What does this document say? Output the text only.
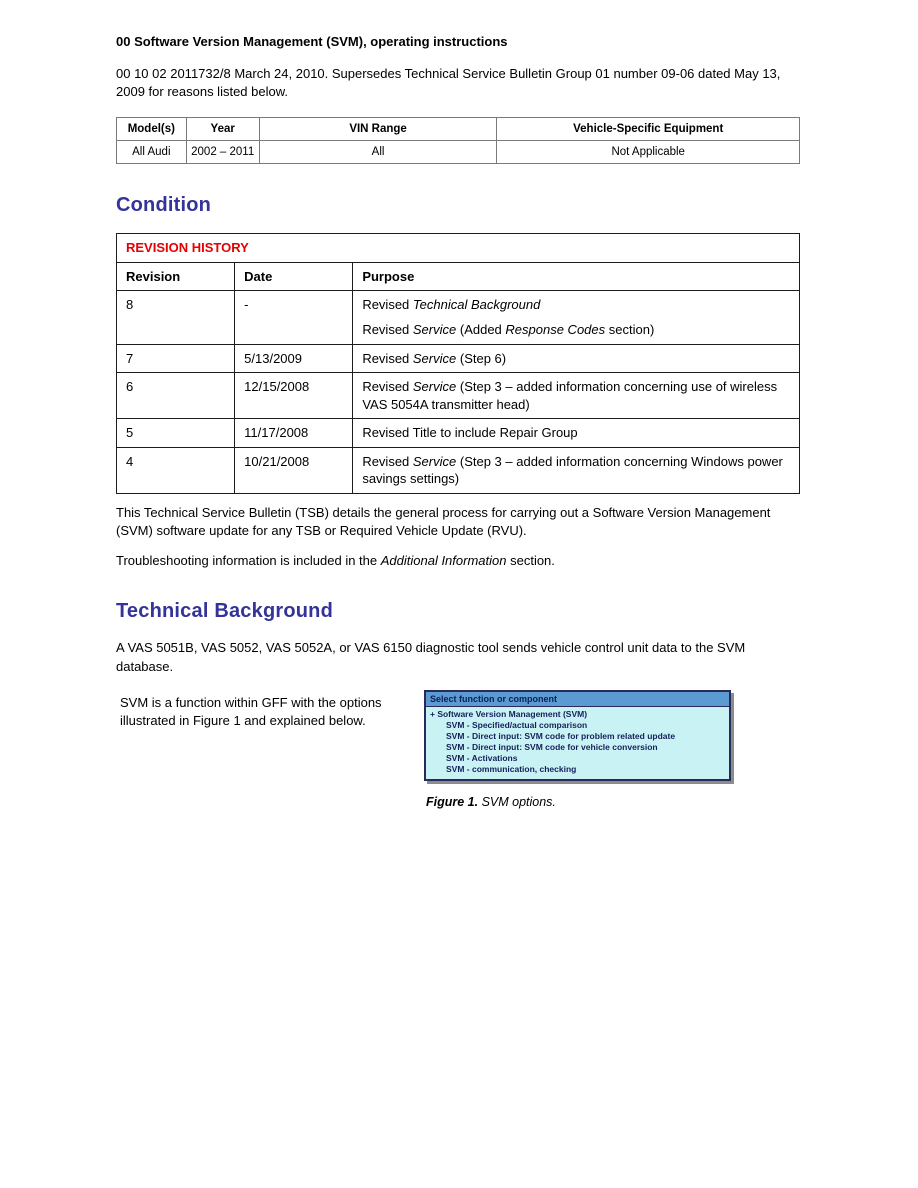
00 Software Version Management (SVM), operating instructions

00 10 02 2011732/8 March 24, 2010. Supersedes Technical Service Bulletin Group 01 number 09-06 dated May 13, 2009 for reasons listed below.

Model(s)	Year	VIN Range	Vehicle-Specific Equipment
All Audi	2002 – 2011	All	Not Applicable
Condition
REVISION HISTORY		
Revision	Date	Purpose
8	-	Revised Technical Background
Revised Service (Added Response Codes section)

7	5/13/2009	Revised Service (Step 6)

6	12/15/2008	Revised Service (Step 3 – added information concerning use of wireless VAS 5054A transmitter head)

5	11/17/2008	Revised Title to include Repair Group

4	10/21/2008	Revised Service (Step 3 – added information concerning Windows power savings settings)

This Technical Service Bulletin (TSB) details the general process for carrying out a Software Version Management (SVM) software update for any TSB or Required Vehicle Update (RVU).

Troubleshooting information is included in the Additional Information section.

Technical Background

A VAS 5051B, VAS 5052, VAS 5052A, or VAS 6150 diagnostic tool sends vehicle control unit data to the SVM database.

SVM is a function within GFF with the options illustrated in Figure 1 and explained below.
Select function or component
+ Software Version Management (SVM)
SVM - Specified/actual comparison
SVM - Direct input: SVM code for problem related update
SVM - Direct input: SVM code for vehicle conversion
SVM - Activations
SVM - communication, checking
Figure 1. SVM options.
